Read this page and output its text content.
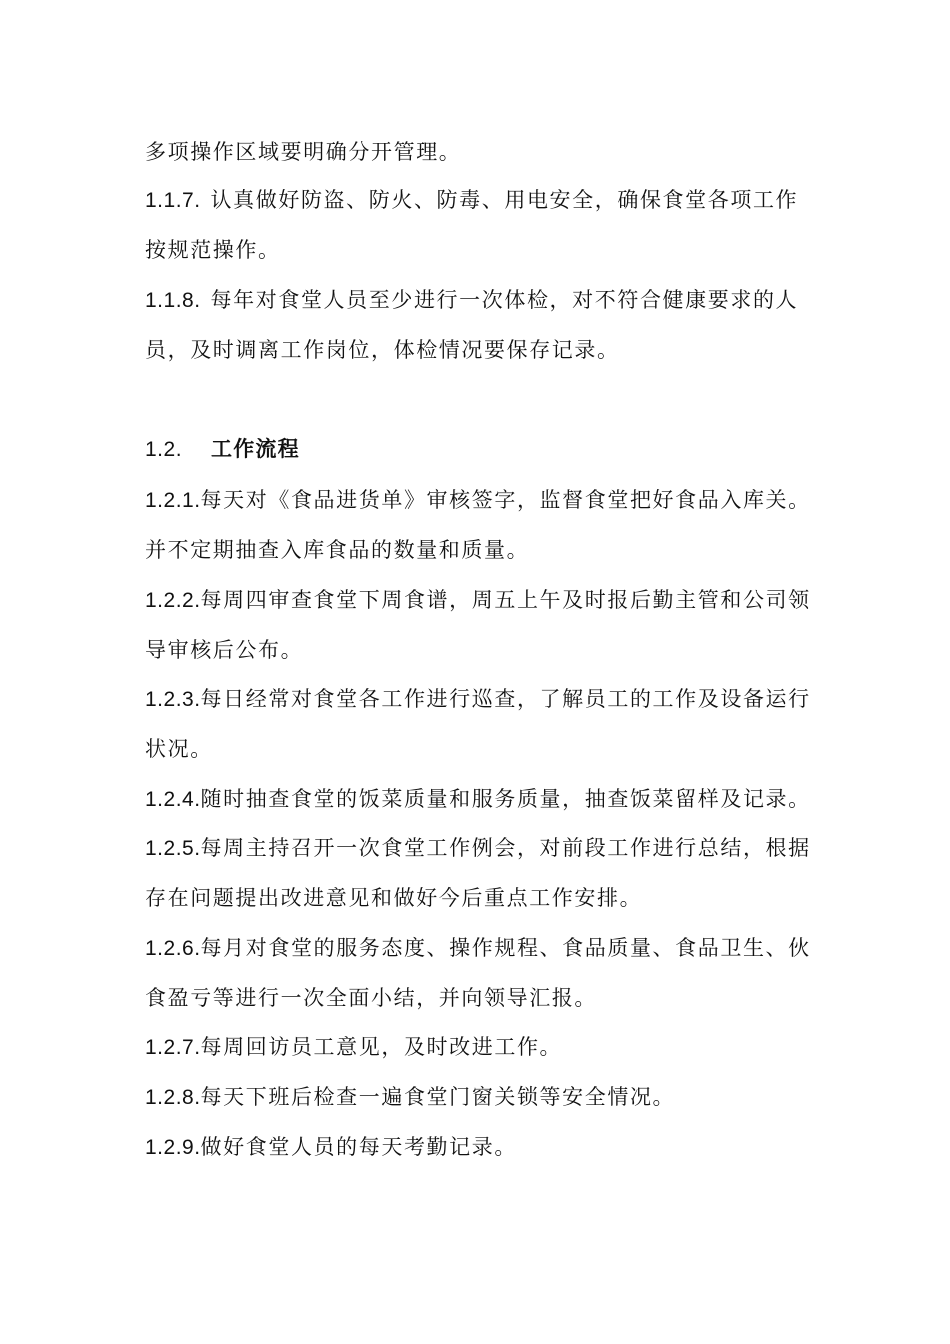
多项操作区域要明确分开管理。
1.1.7. 认真做好防盗、防火、防毒、用电安全，确保食堂各项工作
按规范操作。
1.1.8. 每年对食堂人员至少进行一次体检，对不符合健康要求的人
员，及时调离工作岗位，体检情况要保存记录。
1.2. 工作流程
1.2.1.每天对《食品进货单》审核签字，监督食堂把好食品入库关。
并不定期抽查入库食品的数量和质量。
1.2.2.每周四审查食堂下周食谱，周五上午及时报后勤主管和公司领
导审核后公布。
1.2.3.每日经常对食堂各工作进行巡查，了解员工的工作及设备运行
状况。
1.2.4.随时抽查食堂的饭菜质量和服务质量，抽查饭菜留样及记录。
1.2.5.每周主持召开一次食堂工作例会，对前段工作进行总结，根据
存在问题提出改进意见和做好今后重点工作安排。
1.2.6.每月对食堂的服务态度、操作规程、食品质量、食品卫生、伙
食盈亏等进行一次全面小结，并向领导汇报。
1.2.7.每周回访员工意见，及时改进工作。
1.2.8.每天下班后检查一遍食堂门窗关锁等安全情况。
1.2.9.做好食堂人员的每天考勤记录。
